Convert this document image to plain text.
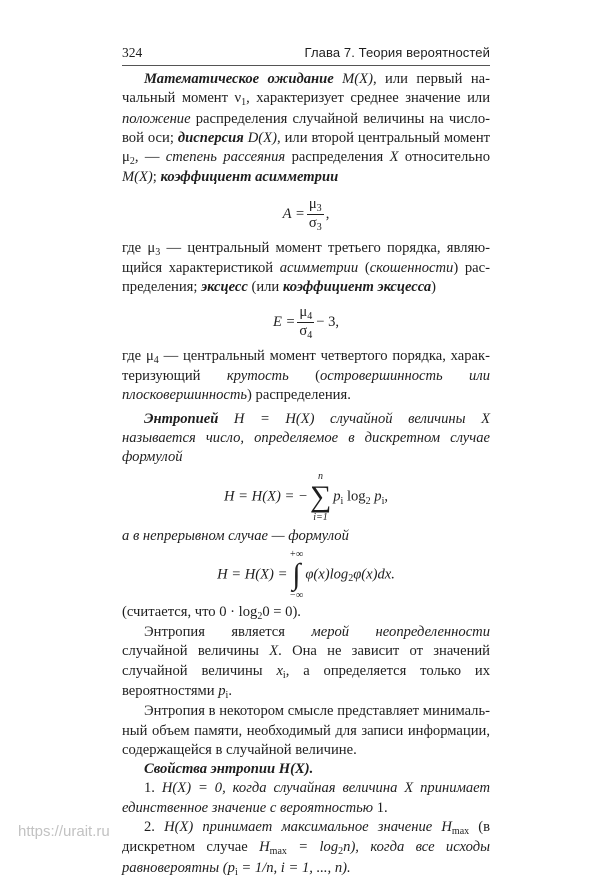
324	Глава 7. Теория вероятностей

Математическое ожидание M(X), или первый начальный момент $\nu_1$, характеризует среднее значение или положение распределения случайной величины на числовой оси; дисперсия D(X), или второй центральный момент $\mu_2$, — степень рассеяния распределения X относительно M(X); коэффициент асимметрии

$A = \frac{\mu_3}{\sigma_3}$ ,

где $\mu_3$ — центральный момент третьего порядка, являющийся характеристикой асимметрии (скошенности) распределения; эксцесс (или коэффициент эксцесса)

$E = \frac{\mu_4}{\sigma_4} - 3$,

где $\mu_4$ — центральный момент четвертого порядка, характеризующий крутость (островершинность или плосковершинность) распределения.

Энтропией H = H(X) случайной величины X называется число, определяемое в дискретном случае формулой

H = H(X) = −
n
∑
i=1
$p_i$ $\log_2 p_i$,

а в непрерывном случае — формулой

H = H(X) =
+∞
∫
−∞
$\varphi(x)\log_2\varphi(x)dx$.

(считается, что $0 \cdot \log_20 = 0$).

Энтропия является мерой неопределенности случайной величины X. Она не зависит от значений случайной величины $x_i$, а определяется только их вероятностями $p_i$.

Энтропия в некотором смысле представляет минимальный объем памяти, необходимый для записи информации, содержащейся в случайной величине.

Свойства энтропии H(X).

1. H(X) = 0, когда случайная величина X принимает единственное значение с вероятностью 1.

2. H(X) принимает максимальное значение $H_{max}$ (в дискретном случае $H_{max} = \log_2n$), когда все исходы равновероятны ($p_i = 1/n$, i = 1, ..., n).

https://urait.ru
